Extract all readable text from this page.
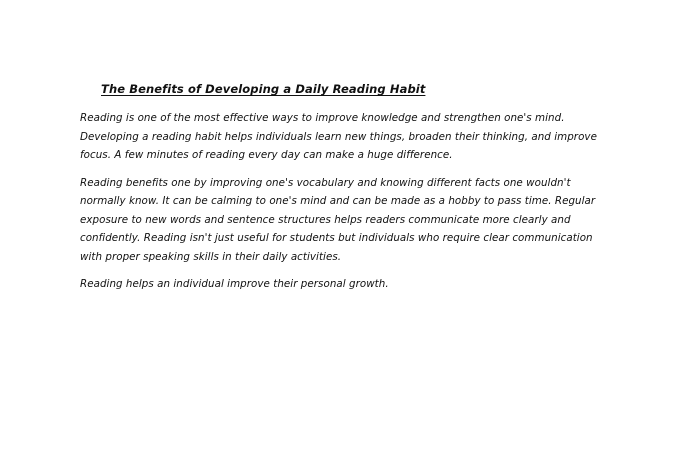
The Benefits of Developing a Daily Reading Habit

Reading is one of the most effective ways to improve knowledge and strengthen one's mind. Developing a reading habit helps individuals learn new things, broaden their thinking, and improve focus. A few minutes of reading every day can make a huge difference.

Reading benefits one by improving one's vocabulary and knowing different facts one wouldn't normally know. It can be calming to one's mind and can be made as a hobby to pass time. Regular exposure to new words and sentence structures helps readers communicate more clearly and confidently. Reading isn't just useful for students but individuals who require clear communication with proper speaking skills in their daily activities.

Reading helps an individual improve their personal growth.
